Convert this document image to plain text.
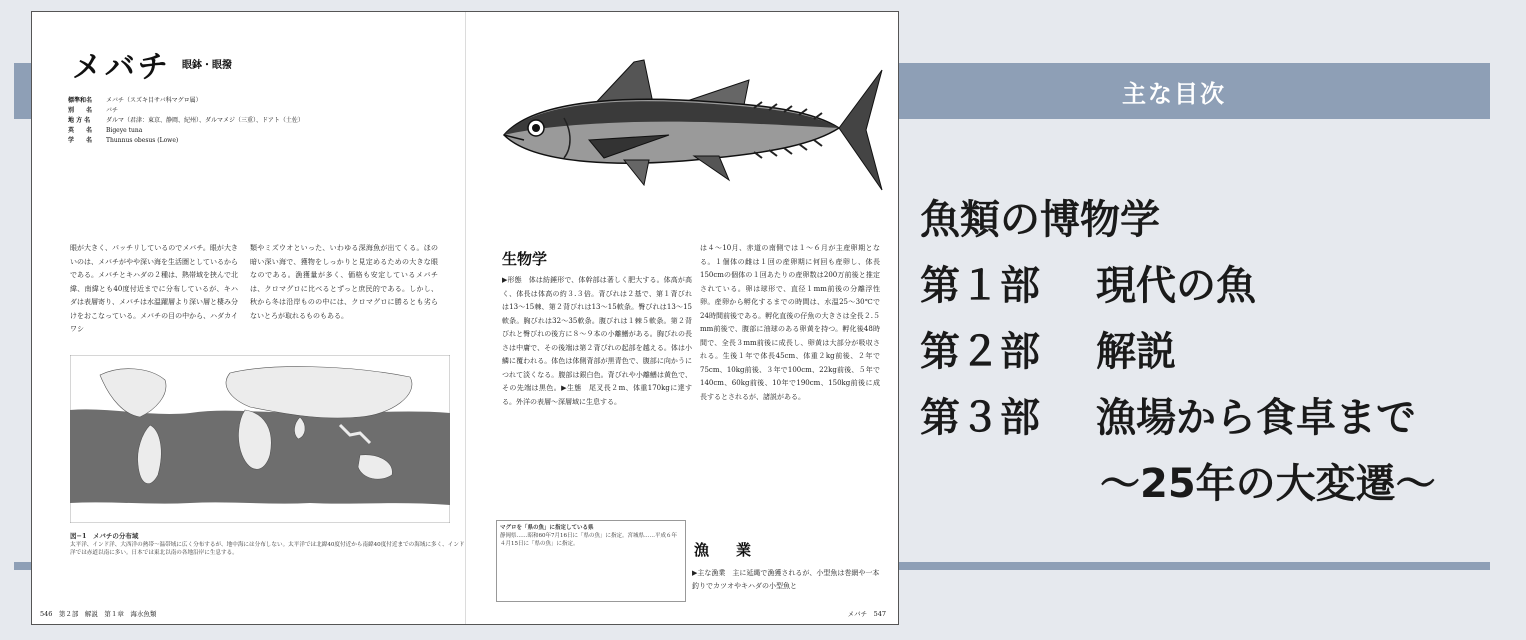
主な目次
魚類の博物学
第１部 現代の魚
第２部 解説
第３部 漁場から食卓まで
〜25年の大変遷〜
メバチ 眼鉢・眼撥
標準和名 メバチ（スズキ目サバ科マグロ属）
別　　名 バチ
地 方 名	ダルマ（君津：東京、静岡、紀州）、ダルマメジ（三重）、ドアト（土佐）
英　　名 Bigeye tuna
学　　名 Thunnus obesus (Lowe)
眼が大きく、パッチリしているのでメバチ。眼が大きいのは、メバチがやや深い海を生活圏としているからである。メバチとキハダの２種は、熱帯域を挟んで北緯、南緯とも40度付近までに分布しているが、キハダは表層寄り、メバチは水温躍層より深い層と棲み分けをおこなっている。メバチの目の中から、ハダカイワシ
類やミズウオといった、いわゆる深海魚が出てくる。ほの暗い深い海で、獲物をしっかりと見定めるための大きな眼なのである。漁獲量が多く、価格も安定しているメバチは、クロマグロに比べるとずっと庶民的である。しかし、秋から冬は沿岸ものの中には、クロマグロに勝るとも劣らないとろが取れるものもある。
生物学
▶形態　体は紡錘形で、体幹部は著しく肥大する。体高が高く、体長は体高の約３.３倍。背びれは２基で、第１背びれは13〜15棘、第２背びれは13〜15軟条。臀びれは13〜15軟条。胸びれは32〜35軟条。腹びれは１棘５軟条。第２背びれと臀びれの後方に８〜９本の小離鰭がある。胸びれの長さは中庸で、その後端は第２背びれの起部を越える。体は小鱗に覆われる。体色は体側背部が黒青色で、腹部に向かうにつれて淡くなる。腹部は銀白色。背びれや小離鰭は黄色で、その先端は黒色。▶生態　尾叉長２m、体重170kgに達する。外洋の表層〜深層域に生息する。
は４〜10月、赤道の南側では１〜６月が主産卵期となる。１個体の雌は１回の産卵期に何回も産卵し、体長150cmの個体の１回あたりの産卵数は200万前後と推定されている。卵は球形で、直径１mm前後の分離浮性卵。産卵から孵化するまでの時間は、水温25〜30℃で24時間前後である。孵化直後の仔魚の大きさは全長２.５mm前後で、腹部に油球のある卵黄を持つ。孵化後48時間で、全長３mm前後に成長し、卵黄は大部分が吸収される。生後１年で体長45cm、体重２kg前後、２年で75cm、10kg前後、３年で100cm、22kg前後、５年で140cm、60kg前後、10年で190cm、150kg前後に成長するとされるが、諸説がある。
図−1　メバチの分布域
太平洋、インド洋、大西洋の熱帯〜温帯域に広く分布するが、地中海には分布しない。太平洋では北緯40度付近から南緯40度付近までの海域に多く、インド洋では赤道以南に多い。日本では東北以南の各地沿岸に生息する。
マグロを「県の魚」に指定している県
静岡県……昭和60年7月16日に「県の魚」に指定。宮城県……平成６年４月15日に「県の魚」に指定。	漁　業
▶主な漁業　主に延縄で漁獲されるが、小型魚は巻網や一本釣りでカツオやキハダの小型魚と
546　第２部　解説　第１章　海水魚類	メバチ　547
